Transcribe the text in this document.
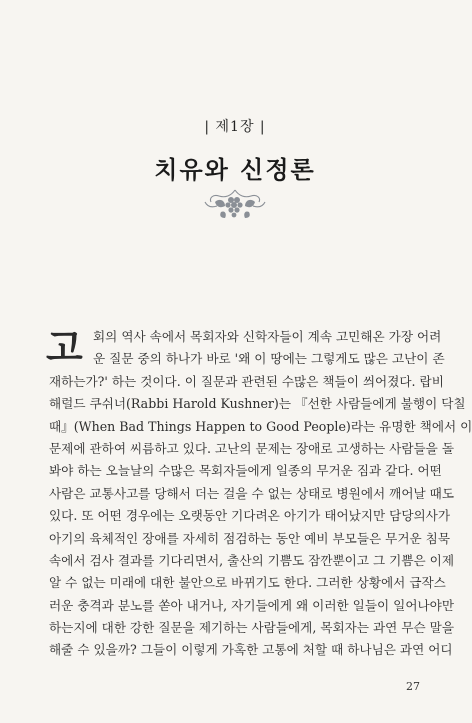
| 제1장 |
치유와 신정론
고 회의 역사 속에서 목회자와 신학자들이 계속 고민해온 가장 어려
운 질문 중의 하나가 바로 '왜 이 땅에는 그렇게도 많은 고난이 존
재하는가?' 하는 것이다. 이 질문과 관련된 수많은 책들이 씌어졌다. 랍비
해럴드 쿠쉬너(Rabbi Harold Kushner)는 『선한 사람들에게 불행이 닥칠
때』(When Bad Things Happen to Good People)라는 유명한 책에서 이
문제에 관하여 씨름하고 있다. 고난의 문제는 장애로 고생하는 사람들을 돌
봐야 하는 오늘날의 수많은 목회자들에게 일종의 무거운 짐과 같다. 어떤
사람은 교통사고를 당해서 더는 걸을 수 없는 상태로 병원에서 깨어날 때도
있다. 또 어떤 경우에는 오랫동안 기다려온 아기가 태어났지만 담당의사가
아기의 육체적인 장애를 자세히 점검하는 동안 예비 부모들은 무거운 침묵
속에서 검사 결과를 기다리면서, 출산의 기쁨도 잠깐뿐이고 그 기쁨은 이제
알 수 없는 미래에 대한 불안으로 바뀌기도 한다. 그러한 상황에서 급작스
러운 충격과 분노를 쏟아 내거나, 자기들에게 왜 이러한 일들이 일어나야만
하는지에 대한 강한 질문을 제기하는 사람들에게, 목회자는 과연 무슨 말을
해줄 수 있을까? 그들이 이렇게 가혹한 고통에 처할 때 하나님은 과연 어디
27
